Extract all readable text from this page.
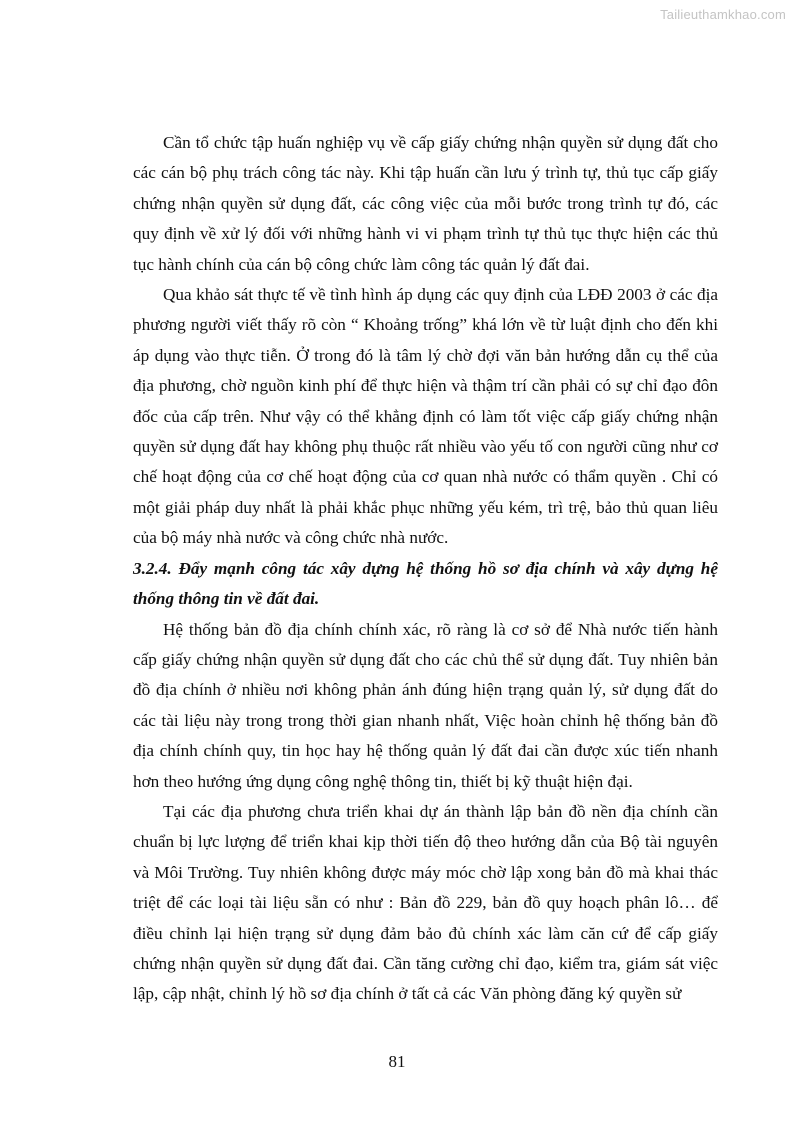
Tailieuthamkhao.com

Cần tổ chức tập huấn nghiệp vụ về cấp giấy chứng nhận quyền sử dụng đất cho các cán bộ phụ trách công tác này. Khi tập huấn cần lưu ý trình tự, thủ tục cấp giấy chứng nhận quyền sử dụng đất, các công việc của mỗi bước trong trình tự đó, các quy định về xử lý đối với những hành vi vi phạm trình tự thủ tục thực hiện các thủ tục hành chính của cán bộ công chức làm công tác quản lý đất đai.

Qua khảo sát thực tế về tình hình áp dụng các quy định của LĐĐ 2003 ở các địa phương người viết thấy rõ còn “ Khoảng trống” khá lớn về từ luật định cho đến khi áp dụng vào thực tiễn. Ở trong đó là tâm lý chờ đợi văn bản hướng dẫn cụ thể của địa phương, chờ nguồn kinh phí để thực hiện và thậm trí cần phải có sự chỉ đạo đôn đốc của cấp trên. Như vậy có thể khẳng định có làm tốt việc cấp giấy chứng nhận quyền sử dụng đất hay không phụ thuộc rất nhiều vào yếu tố con người cũng như cơ chế hoạt động của cơ chế hoạt động của cơ quan nhà nước có thẩm quyền . Chỉ có một giải pháp duy nhất là phải khắc phục những yếu kém, trì trệ, bảo thủ quan liêu của bộ máy nhà nước và công chức nhà nước.

3.2.4. Đẩy mạnh công tác xây dựng hệ thống hồ sơ địa chính và xây dựng hệ thống thông tin về đất đai.

Hệ thống bản đồ địa chính chính xác, rõ ràng là cơ sở để Nhà nước tiến hành cấp giấy chứng nhận quyền sử dụng đất cho các chủ thể sử dụng đất. Tuy nhiên bản đồ địa chính ở nhiều nơi không phản ánh đúng hiện trạng quản lý, sử dụng đất do các tài liệu này trong trong thời gian nhanh nhất, Việc hoàn chỉnh hệ thống bản đồ địa chính chính quy, tin học hay hệ thống quản lý đất đai cần được xúc tiến nhanh hơn theo hướng ứng dụng công nghệ thông tin, thiết bị kỹ thuật hiện đại.

Tại các địa phương chưa triển khai dự án thành lập bản đồ nền địa chính cần chuẩn bị lực lượng để triển khai kịp thời tiến độ theo hướng dẫn của Bộ tài nguyên và Môi Trường. Tuy nhiên không được máy móc chờ lập xong bản đồ mà khai thác triệt để các loại tài liệu sẵn có như : Bản đồ 229, bản đồ quy hoạch phân lô… để điều chỉnh lại hiện trạng sử dụng đảm bảo đủ chính xác làm căn cứ để cấp giấy chứng nhận quyền sử dụng đất đai. Cần tăng cường chỉ đạo, kiểm tra, giám sát việc lập, cập nhật, chỉnh lý hồ sơ địa chính ở tất cả các Văn phòng đăng ký quyền sử

81
